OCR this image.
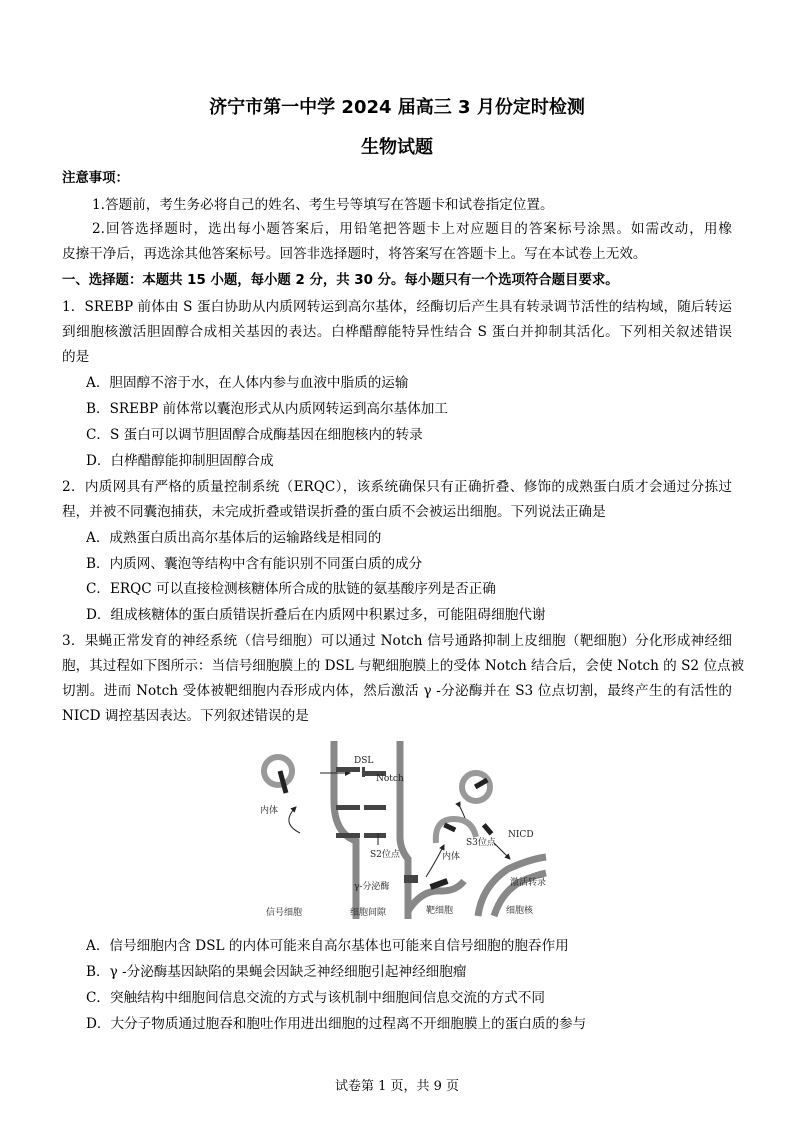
济宁市第一中学 2024 届高三 3 月份定时检测
生物试题
注意事项：
1.答题前，考生务必将自己的姓名、考生号等填写在答题卡和试卷指定位置。
2.回答选择题时，选出每小题答案后，用铅笔把答题卡上对应题目的答案标号涂黑。如需改动，用橡
皮擦干净后，再选涂其他答案标号。回答非选择题时，将答案写在答题卡上。写在本试卷上无效。
一、选择题：本题共 15 小题，每小题 2 分，共 30 分。每小题只有一个选项符合题目要求。
1．SREBP 前体由 S 蛋白协助从内质网转运到高尔基体，经酶切后产生具有转录调节活性的结构域，随后转运
到细胞核激活胆固醇合成相关基因的表达。白桦醋醇能特异性结合 S 蛋白并抑制其活化。下列相关叙述错误
的是
A．胆固醇不溶于水，在人体内参与血液中脂质的运输
B．SREBP 前体常以囊泡形式从内质网转运到高尔基体加工
C．S 蛋白可以调节胆固醇合成酶基因在细胞核内的转录
D．白桦醋醇能抑制胆固醇合成
2．内质网具有严格的质量控制系统（ERQC），该系统确保只有正确折叠、修饰的成熟蛋白质才会通过分拣过
程，并被不同囊泡捕获，未完成折叠或错误折叠的蛋白质不会被运出细胞。下列说法正确是
A．成熟蛋白质出高尔基体后的运输路线是相同的
B．内质网、囊泡等结构中含有能识别不同蛋白质的成分
C．ERQC 可以直接检测核糖体所合成的肽链的氨基酸序列是否正确
D．组成核糖体的蛋白质错误折叠后在内质网中积累过多，可能阻碍细胞代谢
3．果蝇正常发育的神经系统（信号细胞）可以通过 Notch 信号通路抑制上皮细胞（靶细胞）分化形成神经细
胞，其过程如下图所示：当信号细胞膜上的 DSL 与靶细胞膜上的受体 Notch 结合后，会使 Notch 的 S2 位点被
切割。进而 Notch 受体被靶细胞内吞形成内体，然后激活 γ -分泌酶并在 S3 位点切割，最终产生的有活性的
NICD 调控基因表达。下列叙述错误的是
DSL
Notch
内体
S2位点
γ-分泌酶
内体
S3位点
NICD
激活转录
信号细胞	细胞间隙	靶细胞	细胞核
A．信号细胞内含 DSL 的内体可能来自高尔基体也可能来自信号细胞的胞吞作用
B．γ -分泌酶基因缺陷的果蝇会因缺乏神经细胞引起神经细胞瘤
C．突触结构中细胞间信息交流的方式与该机制中细胞间信息交流的方式不同
D．大分子物质通过胞吞和胞吐作用进出细胞的过程离不开细胞膜上的蛋白质的参与
试卷第 1 页，共 9 页
